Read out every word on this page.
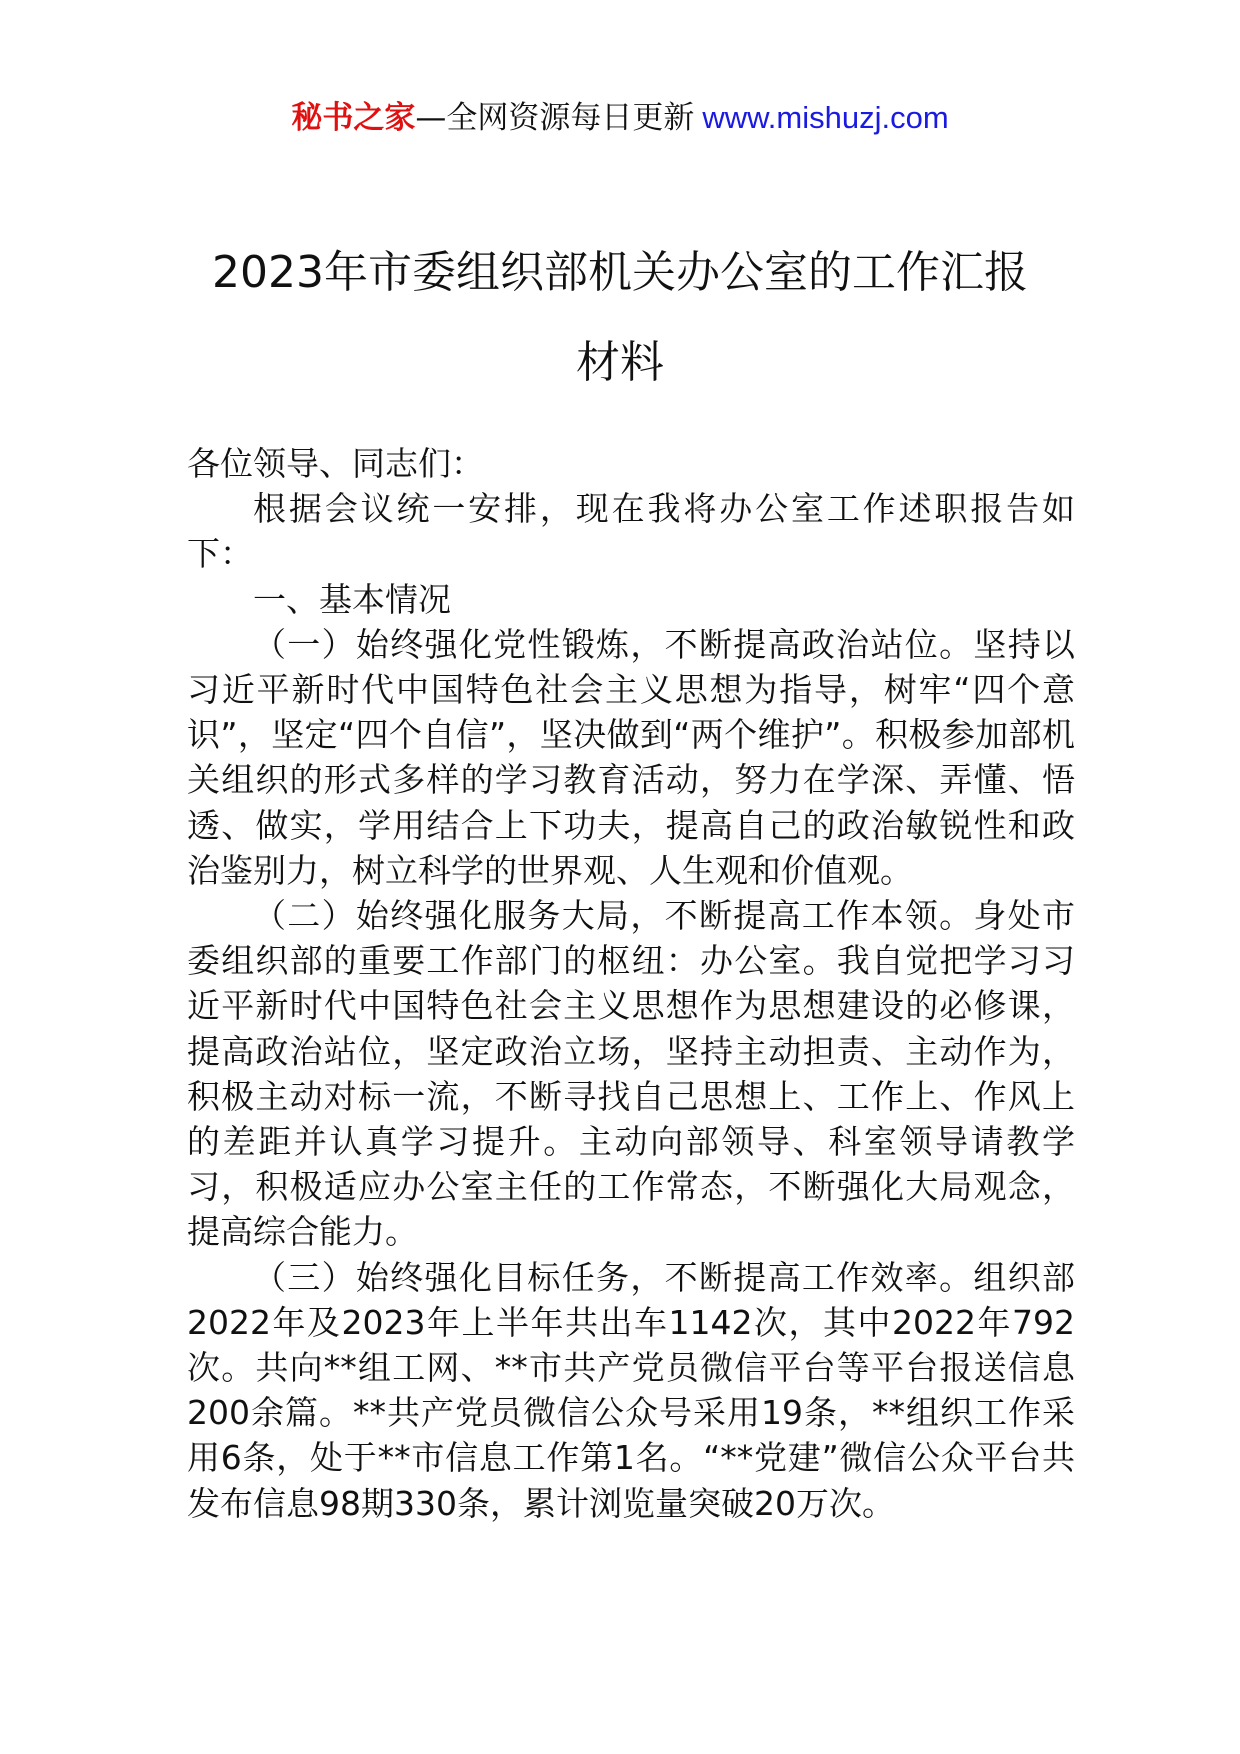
秘书之家—全网资源每日更新 www.mishuzj.com
2023年市委组织部机关办公室的工作汇报
材料

各位领导、同志们：

根据会议统一安排，现在我将办公室工作述职报告如下：

一、基本情况

（一）始终强化党性锻炼，不断提高政治站位。坚持以习近平新时代中国特色社会主义思想为指导，树牢“四个意识”，坚定“四个自信”，坚决做到“两个维护”。积极参加部机关组织的形式多样的学习教育活动，努力在学深、弄懂、悟透、做实，学用结合上下功夫，提高自己的政治敏锐性和政治鉴别力，树立科学的世界观、人生观和价值观。

（二）始终强化服务大局，不断提高工作本领。身处市委组织部的重要工作部门的枢纽：办公室。我自觉把学习习近平新时代中国特色社会主义思想作为思想建设的必修课，提高政治站位，坚定政治立场，坚持主动担责、主动作为，积极主动对标一流，不断寻找自己思想上、工作上、作风上的差距并认真学习提升。主动向部领导、科室领导请教学习，积极适应办公室主任的工作常态，不断强化大局观念，提高综合能力。

（三）始终强化目标任务，不断提高工作效率。组织部2022年及2023年上半年共出车1142次，其中2022年792次。共向**组工网、**市共产党员微信平台等平台报送信息200余篇。**共产党员微信公众号采用19条，**组织工作采用6条，处于**市信息工作第1名。“**党建”微信公众平台共发布信息98期330条，累计浏览量突破20万次。
